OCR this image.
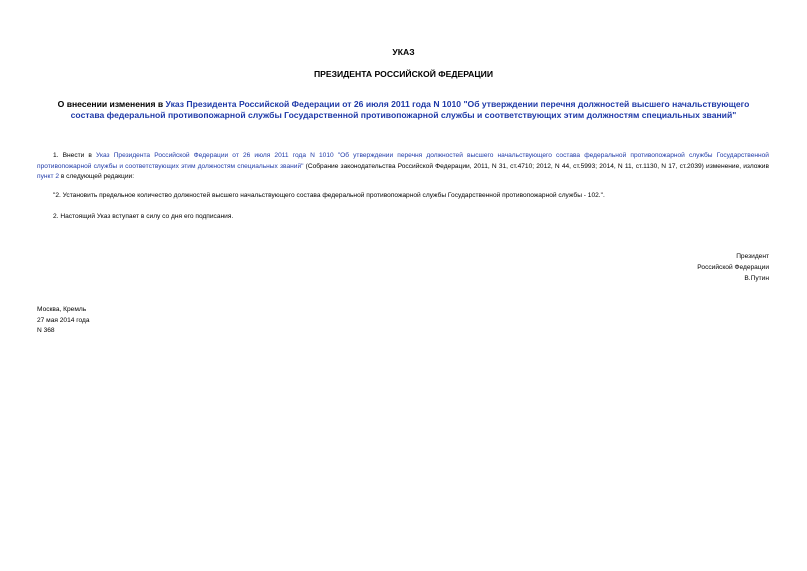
УКАЗ
ПРЕЗИДЕНТА РОССИЙСКОЙ ФЕДЕРАЦИИ
О внесении изменения в Указ Президента Российской Федерации от 26 июля 2011 года N 1010 "Об утверждении перечня должностей высшего начальствующего состава федеральной противопожарной службы Государственной противопожарной службы и соответствующих этим должностям специальных званий"
1. Внести в Указ Президента Российской Федерации от 26 июля 2011 года N 1010 "Об утверждении перечня должностей высшего начальствующего состава федеральной противопожарной службы Государственной противопожарной службы и соответствующих этим должностям специальных званий" (Собрание законодательства Российской Федерации, 2011, N 31, ст.4710; 2012, N 44, ст.5993; 2014, N 11, ст.1130, N 17, ст.2039) изменение, изложив пункт 2 в следующей редакции:
"2. Установить предельное количество должностей высшего начальствующего состава федеральной противопожарной службы Государственной противопожарной службы - 102.".
2. Настоящий Указ вступает в силу со дня его подписания.
Президент
Российской Федерации
В.Путин
Москва, Кремль
27 мая 2014 года
N 368
